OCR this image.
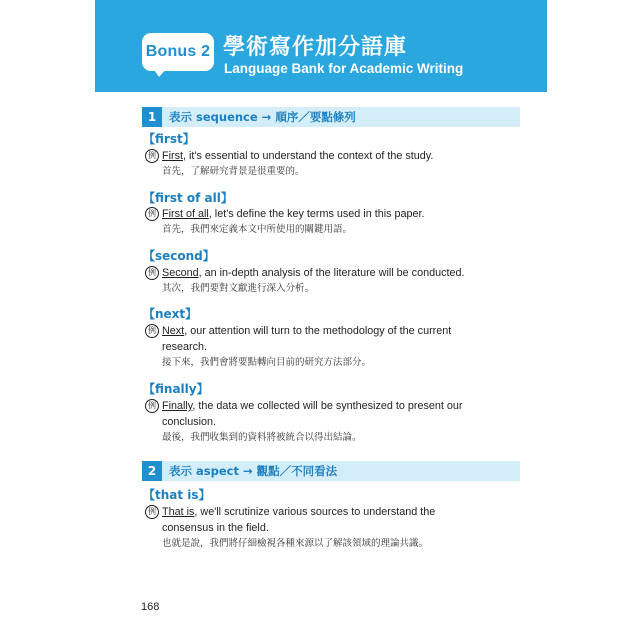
Bonus 2 學術寫作加分語庫
Language Bank for Academic Writing
1	表示 sequence → 順序／要點條列
【first】
例 First, it's essential to understand the context of the study.
首先，了解研究背景是很重要的。
【first of all】
例 First of all, let's define the key terms used in this paper.
首先，我們來定義本文中所使用的關鍵用語。
【second】
例 Second, an in-depth analysis of the literature will be conducted.
其次，我們要對文獻進行深入分析。
【next】
例 Next, our attention will turn to the methodology of the current research.
接下來，我們會將要點轉向目前的研究方法部分。
【finally】
例 Finally, the data we collected will be synthesized to present our conclusion.
最後，我們收集到的資料將被統合以得出結論。
2	表示 aspect → 觀點／不同看法
【that is】
例 That is, we'll scrutinize various sources to understand the consensus in the field.
也就是說，我們將仔細檢視各種來源以了解該領域的理論共識。
168
